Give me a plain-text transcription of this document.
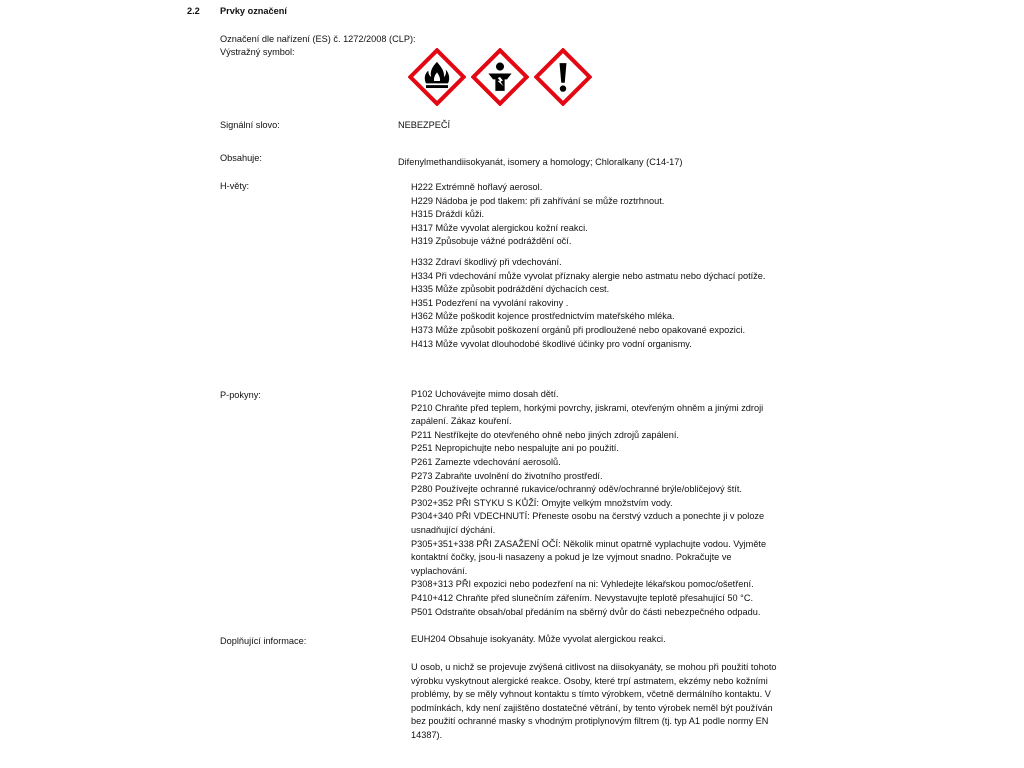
2.2 Prvky označení
Označení dle nařízení (ES) č. 1272/2008 (CLP):
Výstražný symbol:
Signální slovo:	NEBEZPEČÍ
Obsahuje:	Difenylmethandiisokyanát, isomery a homology; Chloralkany (C14-17)
H-věty:	H222 Extrémně hořlavý aerosol.
H229 Nádoba je pod tlakem: při zahřívání se může roztrhnout.
H315 Dráždí kůži.
H317 Může vyvolat alergickou kožní reakci.
H319 Způsobuje vážné podráždění očí.
H332 Zdraví škodlivý při vdechování.
H334 Při vdechování může vyvolat příznaky alergie nebo astmatu nebo dýchací potíže.
H335 Může způsobit podráždění dýchacích cest.
H351 Podezření na vyvolání rakoviny .
H362 Může poškodit kojence prostřednictvím mateřského mléka.
H373 Může způsobit poškození orgánů při prodloužené nebo opakované expozici.
H413 Může vyvolat dlouhodobé škodlivé účinky pro vodní organismy.
P-pokyny:	P102 Uchovávejte mimo dosah dětí.
P210 Chraňte před teplem, horkými povrchy, jiskrami, otevřeným ohněm a jinými zdroji
zapálení. Zákaz kouření.
P211 Nestříkejte do otevřeného ohně nebo jiných zdrojů zapálení.
P251 Nepropichujte nebo nespalujte ani po použití.
P261 Zamezte vdechování aerosolů.
P273 Zabraňte uvolnění do životního prostředí.
P280 Používejte ochranné rukavice/ochranný oděv/ochranné brýle/obličejový štít.
P302+352 PŘI STYKU S KŮŽÍ: Omyjte velkým množstvím vody.
P304+340 PŘI VDECHNUTÍ: Přeneste osobu na čerstvý vzduch a ponechte ji v poloze
usnadňující dýchání.
P305+351+338 PŘI ZASAŽENÍ OČÍ: Několik minut opatrně vyplachujte vodou. Vyjměte
kontaktní čočky, jsou-li nasazeny a pokud je lze vyjmout snadno. Pokračujte ve
vyplachování.
P308+313 PŘI expozici nebo podezření na ni: Vyhledejte lékařskou pomoc/ošetření.
P410+412 Chraňte před slunečním zářením. Nevystavujte teplotě přesahující 50 °C.
P501 Odstraňte obsah/obal předáním na sběrný dvůr do části nebezpečného odpadu.
Doplňující informace:	EUH204 Obsahuje isokyanáty. Může vyvolat alergickou reakci.
U osob, u nichž se projevuje zvýšená citlivost na diisokyanáty, se mohou při použití tohoto
výrobku vyskytnout alergické reakce. Osoby, které trpí astmatem, ekzémy nebo kožními
problémy, by se měly vyhnout kontaktu s tímto výrobkem, včetně dermálního kontaktu. V
podmínkách, kdy není zajištěno dostatečné větrání, by tento výrobek neměl být používán
bez použití ochranné masky s vhodným protiplynovým filtrem (tj. typ A1 podle normy EN
14387).
